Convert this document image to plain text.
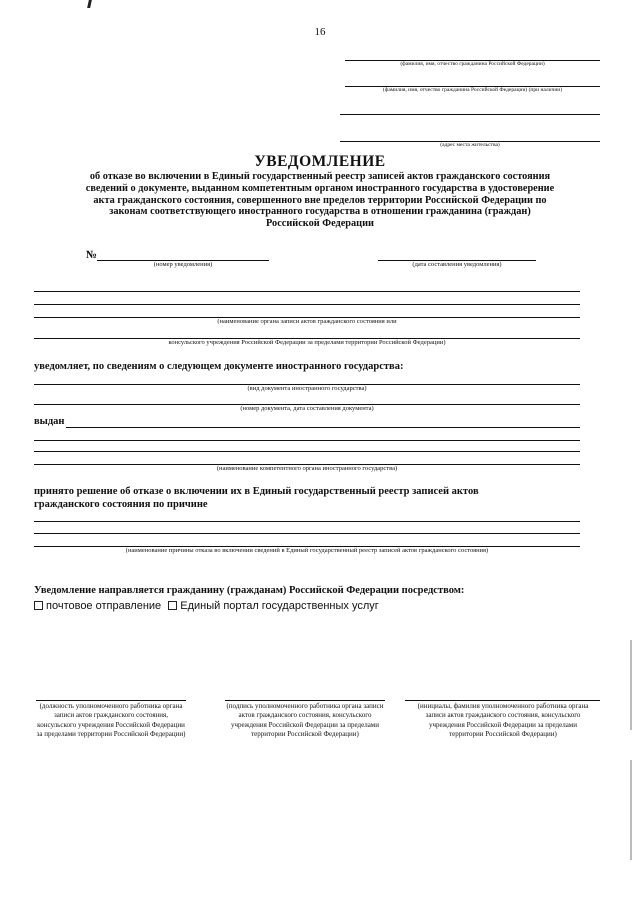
16
(фамилия, имя, отчество гражданина Российской Федерации)
(фамилия, имя, отчество гражданина Российской Федерации) (при наличии)
(адрес места жительства)
УВЕДОМЛЕНИЕ
об отказе во включении в Единый государственный реестр записей актов гражданского состояния
сведений о документе, выданном компетентным органом иностранного государства в удостоверение
акта гражданского состояния, совершенного вне пределов территории Российской Федерации по
законам соответствующего иностранного государства в отношении гражданина (граждан)
Российской Федерации
№
(номер уведомления)	(дата составления уведомления)
(наименование органа записи актов гражданского состояния или
консульского учреждения Российской Федерации за пределами территории Российской Федерации)
уведомляет, по сведениям о следующем документе иностранного государства:
(вид документа иностранного государства)
(номер документа, дата составления документа)
выдан
(наименование компетентного органа иностранного государства)
принято решение об отказе о включении их в Единый государственный реестр записей актов
гражданского состояния по причине
(наименование причины отказа во включении сведений в Единый государственный реестр записей актов гражданского состояния)
Уведомление направляется гражданину (гражданам) Российской Федерации посредством:
почтовое отправление Единый портал государственных услуг
(должность уполномоченного работника органа записи актов гражданского состояния, консульского учреждения Российской Федерации за пределами территории Российской Федерации)
(подпись уполномоченного работника органа записи актов гражданского состояния, консульского учреждения Российской Федерации за пределами территории Российской Федерации)
(инициалы, фамилия уполномоченного работника органа записи актов гражданского состояния, консульского учреждения Российской Федерации за пределами территории Российской Федерации)
